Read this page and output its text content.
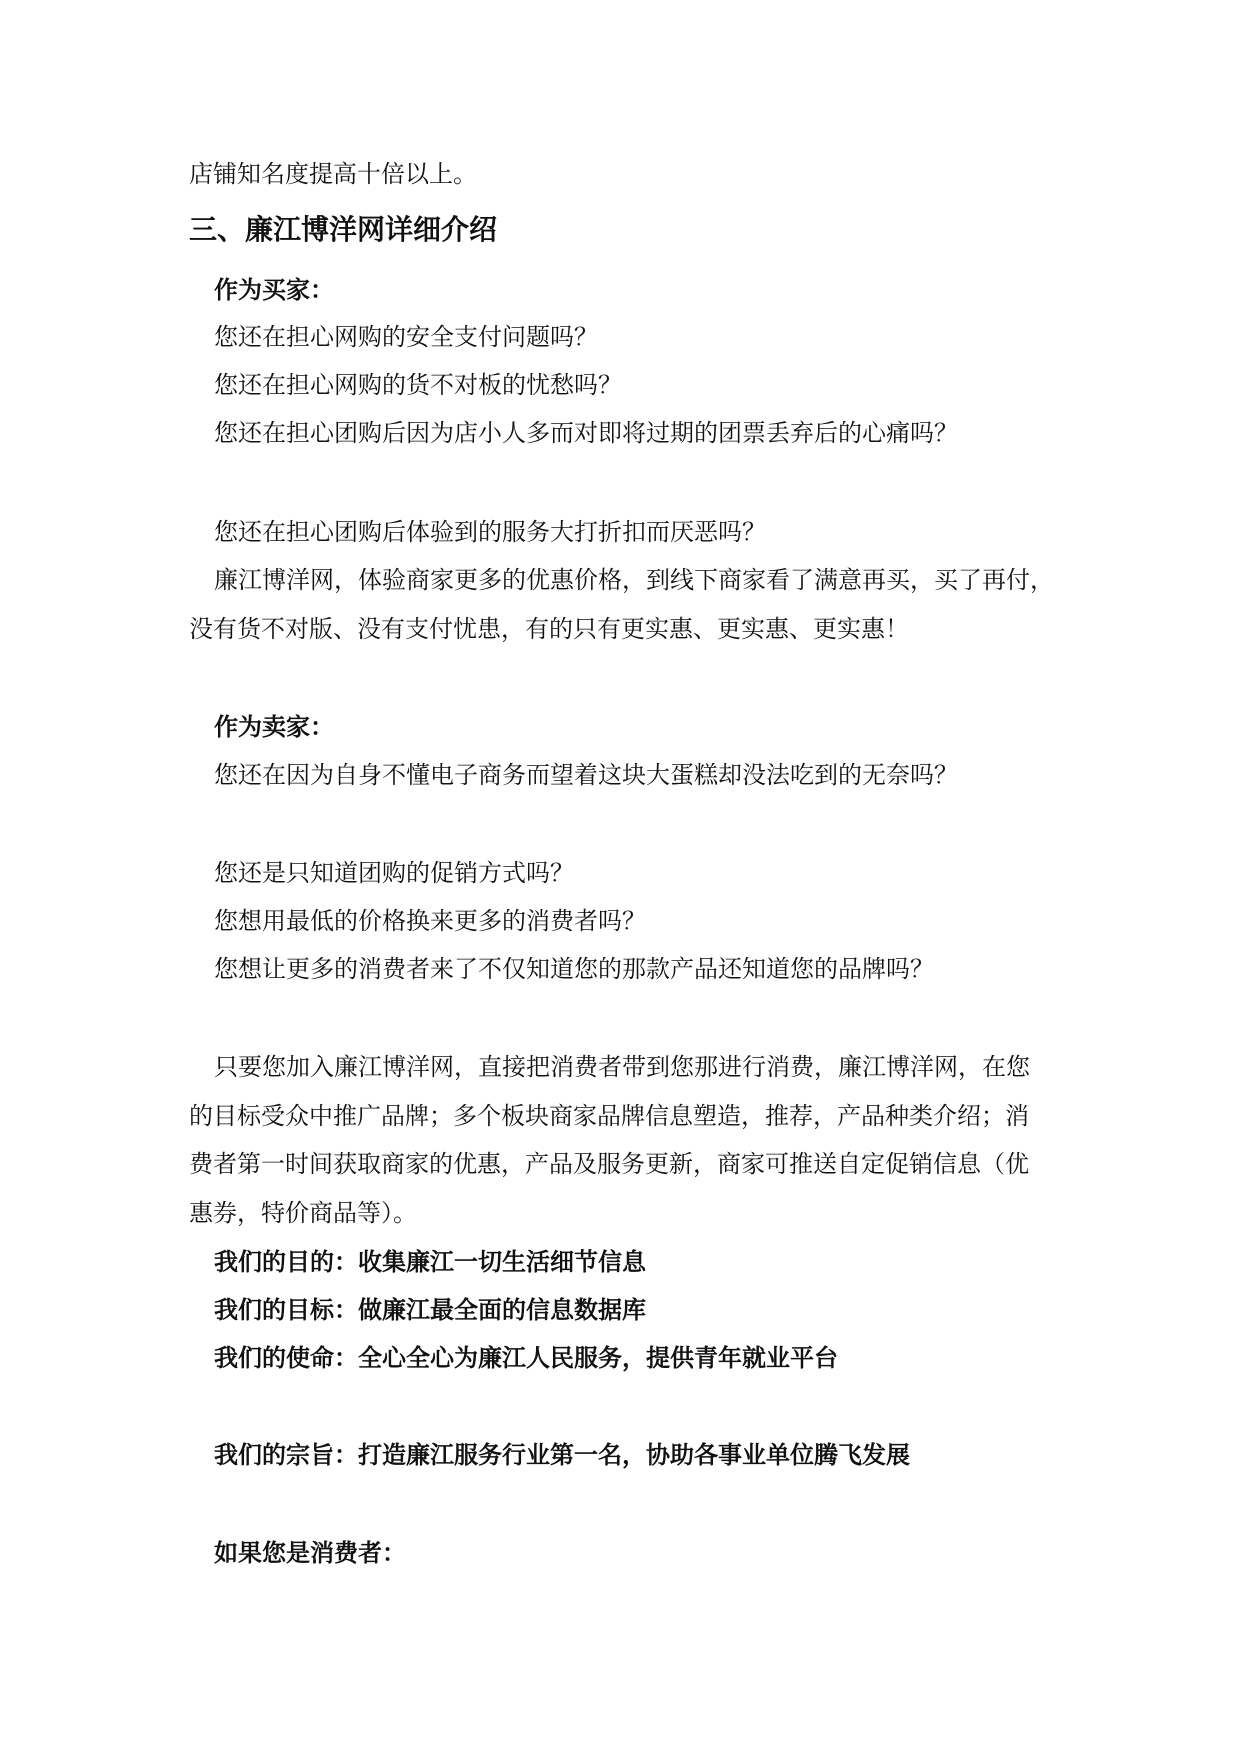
店铺知名度提高十倍以上。

三、廉江博洋网详细介绍

作为买家：

您还在担心网购的安全支付问题吗？

您还在担心网购的货不对板的忧愁吗？

您还在担心团购后因为店小人多而对即将过期的团票丢弃后的心痛吗？

您还在担心团购后体验到的服务大打折扣而厌恶吗？

廉江博洋网，体验商家更多的优惠价格，到线下商家看了满意再买，买了再付，

没有货不对版、没有支付忧患，有的只有更实惠、更实惠、更实惠！

作为卖家：

您还在因为自身不懂电子商务而望着这块大蛋糕却没法吃到的无奈吗？

您还是只知道团购的促销方式吗？

您想用最低的价格换来更多的消费者吗？

您想让更多的消费者来了不仅知道您的那款产品还知道您的品牌吗？

只要您加入廉江博洋网，直接把消费者带到您那进行消费，廉江博洋网，在您

的目标受众中推广品牌；多个板块商家品牌信息塑造，推荐，产品种类介绍；消

费者第一时间获取商家的优惠，产品及服务更新，商家可推送自定促销信息（优

惠券，特价商品等）。

我们的目的：收集廉江一切生活细节信息

我们的目标：做廉江最全面的信息数据库

我们的使命：全心全心为廉江人民服务，提供青年就业平台

我们的宗旨：打造廉江服务行业第一名，协助各事业单位腾飞发展

如果您是消费者：
